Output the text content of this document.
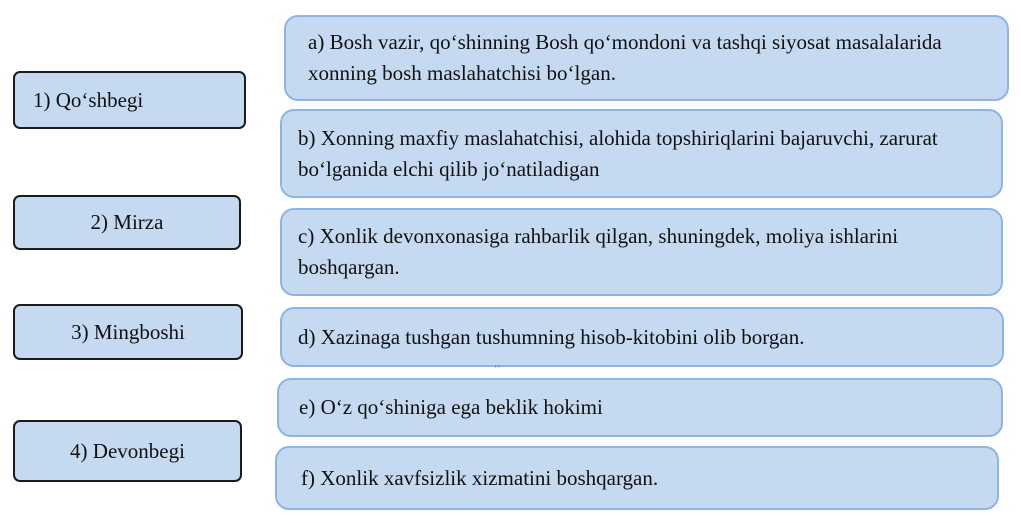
1) Qo‘shbegi
2) Mirza
3) Mingboshi
4) Devonbegi
a) Bosh vazir, qo‘shinning Bosh qo‘mondoni va tashqi siyosat masalalarida xonning bosh maslahatchisi bo‘lgan.
b) Xonning maxfiy maslahatchisi, alohida topshiriqlarini bajaruvchi, zarurat bo‘lganida elchi qilib jo‘natiladigan
c) Xonlik devonxonasiga rahbarlik qilgan, shuningdek, moliya ishlarini boshqargan.
d) Xazinaga tushgan tushumning hisob-kitobini olib borgan.
‘’
e) O‘z qo‘shiniga ega beklik hokimi
f) Xonlik xavfsizlik xizmatini boshqargan.
